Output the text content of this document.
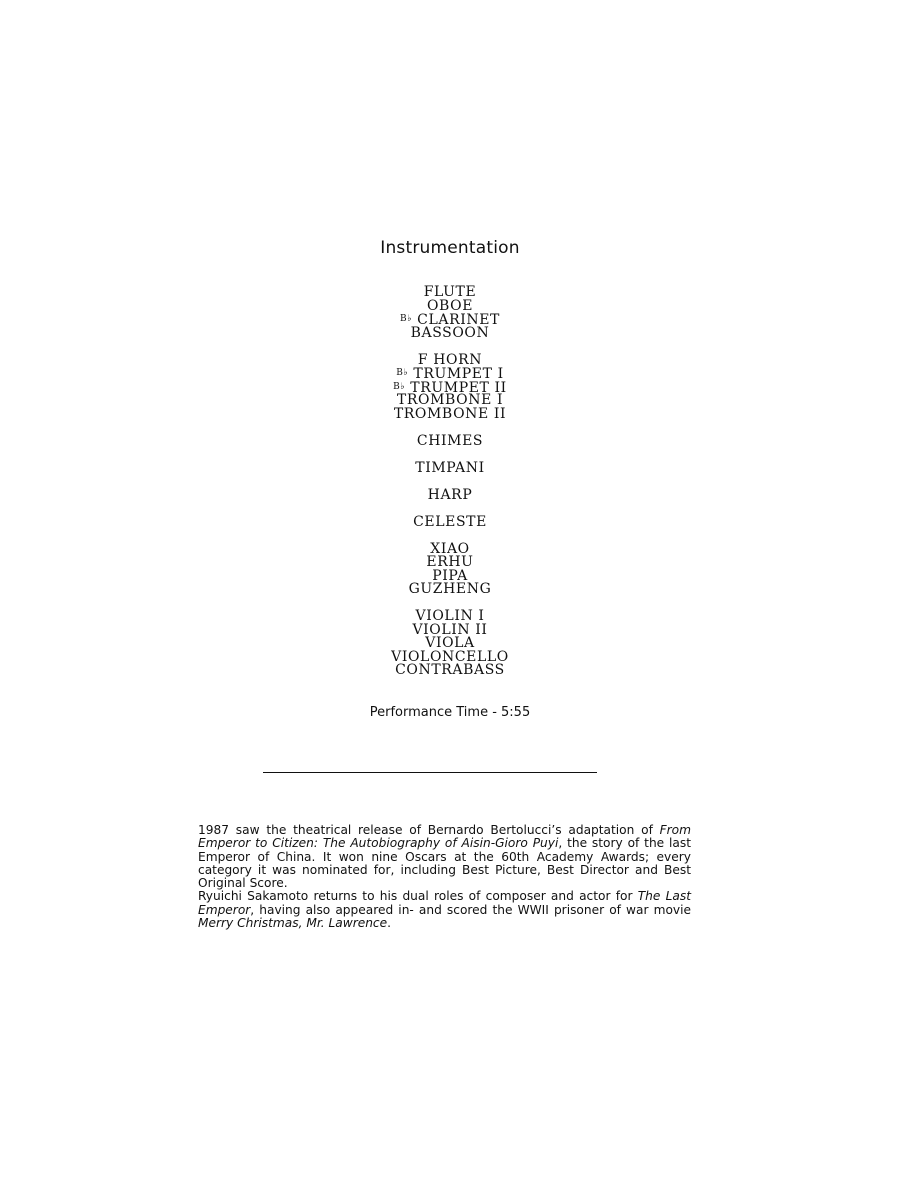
Instrumentation
FLUTE
OBOE
$^{B♭}$ CLARINET
BASSOON
F HORN
$^{B♭}$ TRUMPET I
$^{B♭}$ TRUMPET II
TROMBONE I
TROMBONE II
CHIMES
TIMPANI
HARP
CELESTE
XIAO
ERHU
PIPA
GUZHENG
VIOLIN I
VIOLIN II
VIOLA
VIOLONCELLO
CONTRABASS
Performance Time - 5:55

1987 saw the theatrical release of Bernardo Bertolucci’s adaptation of From Emperor to Citizen: The Autobiography of Aisin-Gioro Puyi, the story of the last Emperor of China. It won nine Oscars at the 60th Academy Awards; every category it was nominated for, including Best Picture, Best Director and Best Original Score.

Ryuichi Sakamoto returns to his dual roles of composer and actor for The Last Emperor, having also appeared in- and scored the WWII prisoner of war movie Merry Christmas, Mr. Lawrence.
